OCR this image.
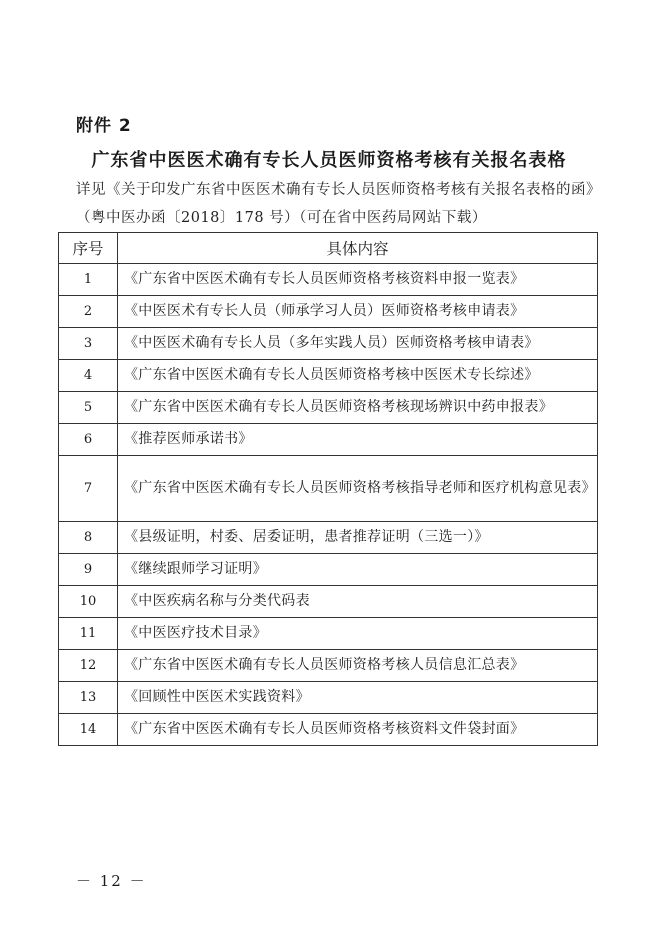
附件 2
广东省中医医术确有专长人员医师资格考核有关报名表格
详见《关于印发广东省中医医术确有专长人员医师资格考核有关报名表格的函》（粤中医办函〔2018〕178 号）（可在省中医药局网站下载）
序号	具体内容
1	《广东省中医医术确有专长人员医师资格考核资料申报一览表》
2	《中医医术有专长人员（师承学习人员）医师资格考核申请表》
3	《中医医术确有专长人员（多年实践人员）医师资格考核申请表》
4	《广东省中医医术确有专长人员医师资格考核中医医术专长综述》
5	《广东省中医医术确有专长人员医师资格考核现场辨识中药申报表》
6	《推荐医师承诺书》
7	《广东省中医医术确有专长人员医师资格考核指导老师和医疗机构意见表》
8	《县级证明，村委、居委证明，患者推荐证明（三选一）》
9	《继续跟师学习证明》
10	《中医疾病名称与分类代码表
11	《中医医疗技术目录》
12	《广东省中医医术确有专长人员医师资格考核人员信息汇总表》
13	《回顾性中医医术实践资料》
14	《广东省中医医术确有专长人员医师资格考核资料文件袋封面》
－ 12 －
